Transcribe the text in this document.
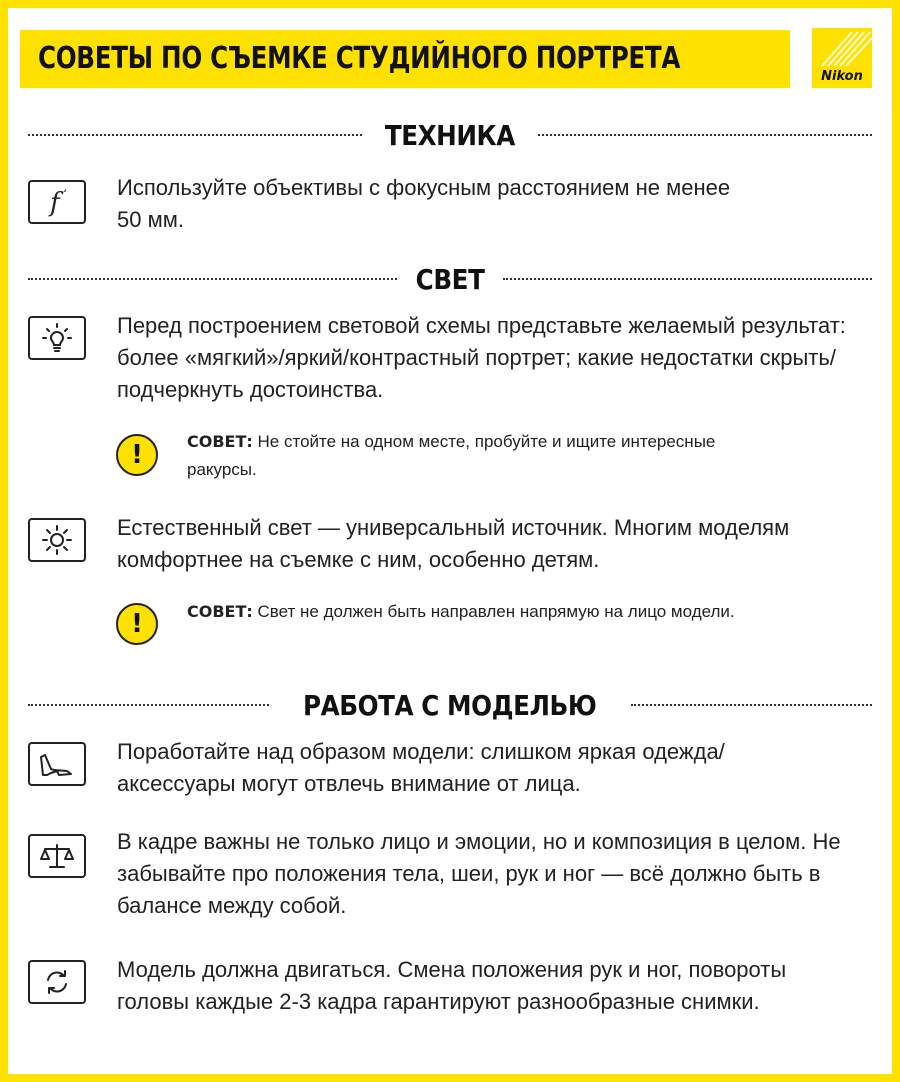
СОВЕТЫ ПО СЪЕМКЕ СТУДИЙНОГО ПОРТРЕТА
Nikon
ТЕХНИКА
f ‘ Используйте объективы с фокусным расстоянием не менее 50 мм.
СВЕТ
Перед построением световой схемы представьте желаемый результат: более «мягкий»/яркий/контрастный портрет; какие недостатки скрыть/подчеркнуть достоинства.
!	СОВЕТ: Не стойте на одном месте, пробуйте и ищите интересные ракурсы.
Естественный свет — универсальный источник. Многим моделям комфортнее на съемке с ним, особенно детям.
!	СОВЕТ: Свет не должен быть направлен напрямую на лицо модели.
РАБОТА С МОДЕЛЬЮ
Поработайте над образом модели: слишком яркая одежда/аксессуары могут отвлечь внимание от лица.
В кадре важны не только лицо и эмоции, но и композиция в целом. Не забывайте про положения тела, шеи, рук и ног — всё должно быть в балансе между собой.
Модель должна двигаться. Смена положения рук и ног, повороты головы каждые 2-3 кадра гарантируют разнообразные снимки.
